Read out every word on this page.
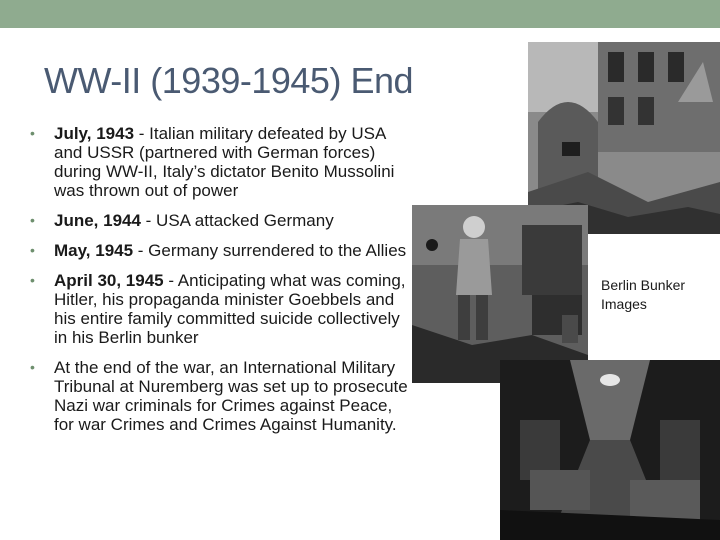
WW-II (1939-1945) End
• July, 1943 - Italian military defeated by USA and USSR (partnered with German forces) during WW-II, Italy’s dictator Benito Mussolini was thrown out of power
• June, 1944 - USA attacked Germany
• May, 1945 - Germany surrendered to the Allies
• April 30, 1945 - Anticipating what was coming, Hitler, his propaganda minister Goebbels and his entire family committed suicide collectively in his Berlin bunker
• At the end of the war, an International Military Tribunal at Nuremberg was set up to prosecute Nazi war criminals for Crimes against Peace, for war Crimes and Crimes Against Humanity.
Berlin Bunker
Images
